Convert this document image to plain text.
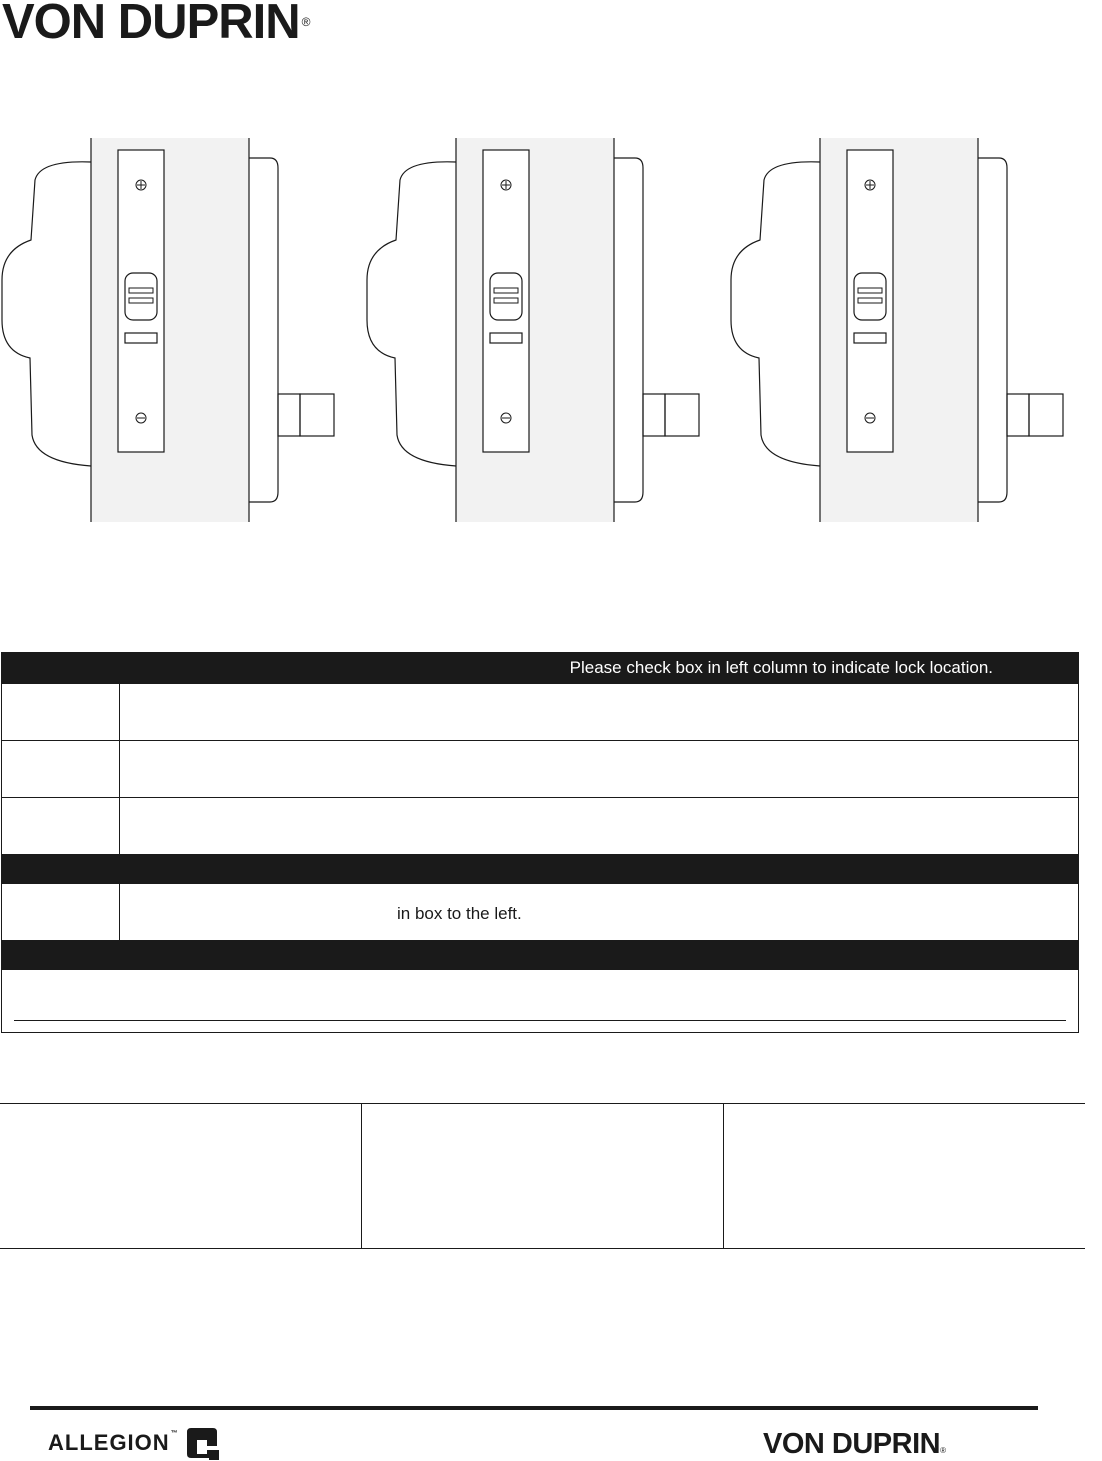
VON DUPRIN ®
Please check box in left column to indicate lock location.
in box to the left.
ALLEGION™	VON DUPRIN®
